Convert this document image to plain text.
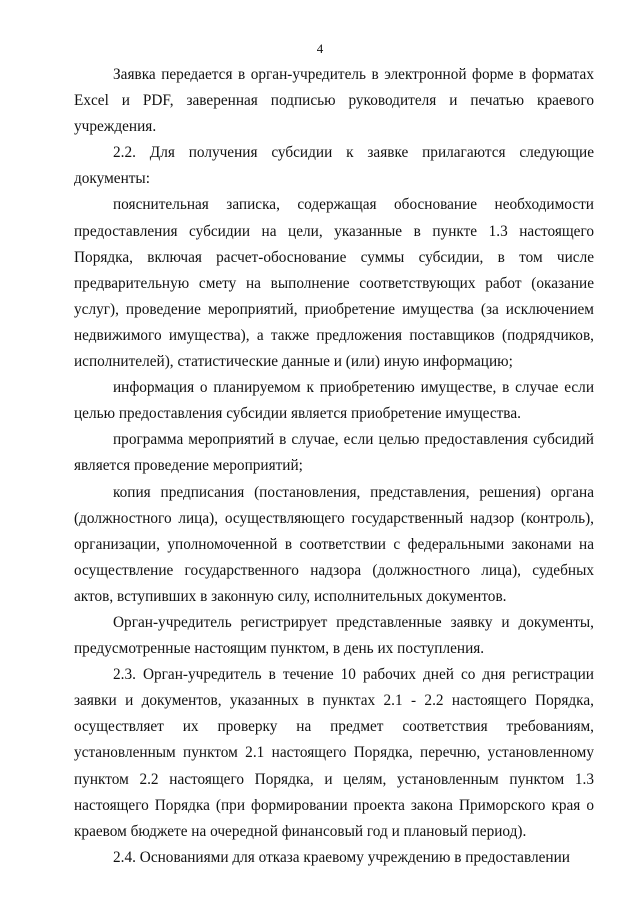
4

Заявка передается в орган-учредитель в электронной форме в форматах Excel и PDF, заверенная подписью руководителя и печатью краевого учреждения.

2.2. Для получения субсидии к заявке прилагаются следующие документы:

пояснительная записка, содержащая обоснование необходимости предоставления субсидии на цели, указанные в пункте 1.3 настоящего Порядка, включая расчет-обоснование суммы субсидии, в том числе предварительную смету на выполнение соответствующих работ (оказание услуг), проведение мероприятий, приобретение имущества (за исключением недвижимого имущества), а также предложения поставщиков (подрядчиков, исполнителей), статистические данные и (или) иную информацию;

информация о планируемом к приобретению имуществе, в случае если целью предоставления субсидии является приобретение имущества.

программа мероприятий в случае, если целью предоставления субсидий является проведение мероприятий;

копия предписания (постановления, представления, решения) органа (должностного лица), осуществляющего государственный надзор (контроль), организации, уполномоченной в соответствии с федеральными законами на осуществление государственного надзора (должностного лица), судебных актов, вступивших в законную силу, исполнительных документов.

Орган-учредитель регистрирует представленные заявку и документы, предусмотренные настоящим пунктом, в день их поступления.

2.3. Орган-учредитель в течение 10 рабочих дней со дня регистрации заявки и документов, указанных в пунктах 2.1 - 2.2 настоящего Порядка, осуществляет их проверку на предмет соответствия требованиям, установленным пунктом 2.1 настоящего Порядка, перечню, установленному пунктом 2.2 настоящего Порядка, и целям, установленным пунктом 1.3 настоящего Порядка (при формировании проекта закона Приморского края о краевом бюджете на очередной финансовый год и плановый период).

2.4. Основаниями для отказа краевому учреждению в предоставлении
